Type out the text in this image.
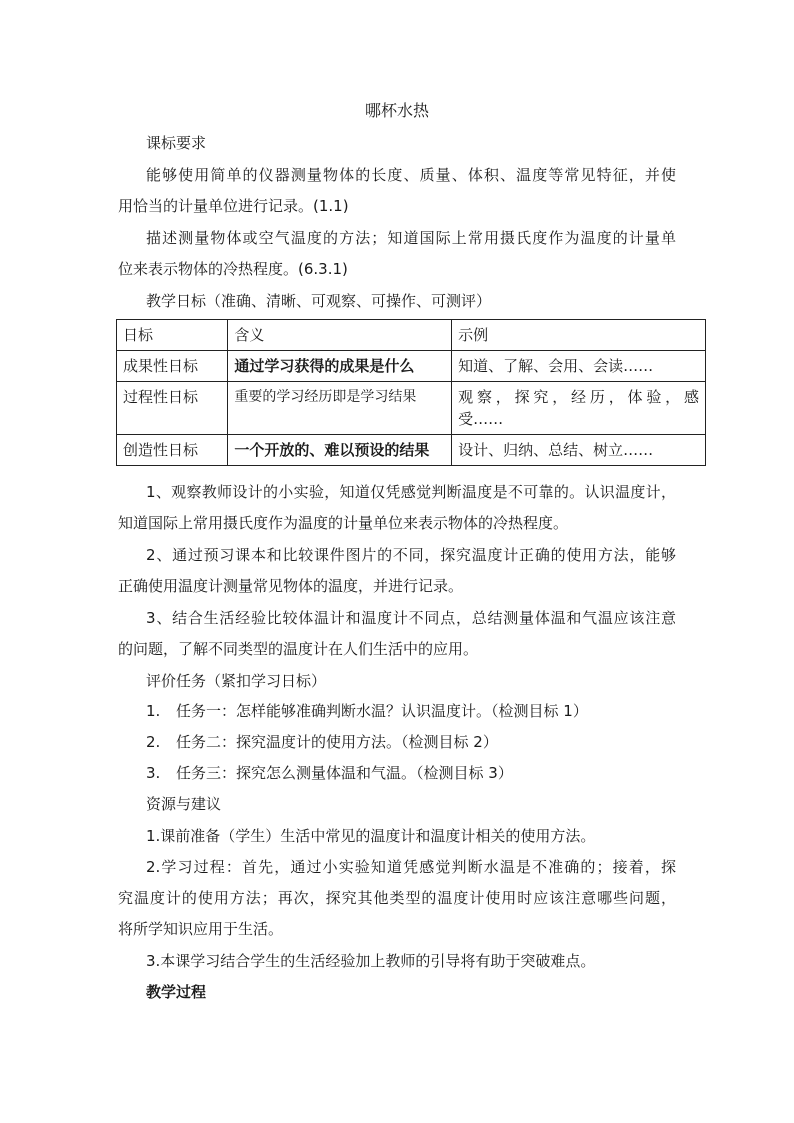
哪杯水热
课标要求
能够使用简单的仪器测量物体的长度、质量、体积、温度等常见特征，并使
用恰当的计量单位进行记录。(1.1)
描述测量物体或空气温度的方法；知道国际上常用摄氏度作为温度的计量单
位来表示物体的冷热程度。(6.3.1)
教学日标（准确、清晰、可观察、可操作、可测评）
日标	含义	示例
成果性日标	通过学习获得的成果是什么	知道、了解、会用、会读……
过程性日标	重要的学习经历即是学习结果	观察，探究，经历，体验，感
受……

创造性日标	一个开放的、难以预设的结果	设计、归纳、总结、树立……
1、观察教师设计的小实验，知道仅凭感觉判断温度是不可靠的。认识温度计，
知道国际上常用摄氏度作为温度的计量单位来表示物体的冷热程度。
2、通过预习课本和比较课件图片的不同，探究温度计正确的使用方法，能够
正确使用温度计测量常见物体的温度，并进行记录。
3、结合生活经验比较体温计和温度计不同点，总结测量体温和气温应该注意
的问题，了解不同类型的温度计在人们生活中的应用。
评价任务（紧扣学习日标）
1. 任务一：怎样能够准确判断水温？认识温度计。（检测目标 1）
2. 任务二：探究温度计的使用方法。（检测目标 2）
3. 任务三：探究怎么测量体温和气温。（检测目标 3）
资源与建议
1.课前准备（学生）生活中常见的温度计和温度计相关的使用方法。
2.学习过程：首先，通过小实验知道凭感觉判断水温是不准确的；接着，探
究温度计的使用方法；再次，探究其他类型的温度计使用时应该注意哪些问题，
将所学知识应用于生活。
3.本课学习结合学生的生活经验加上教师的引导将有助于突破难点。
教学过程
